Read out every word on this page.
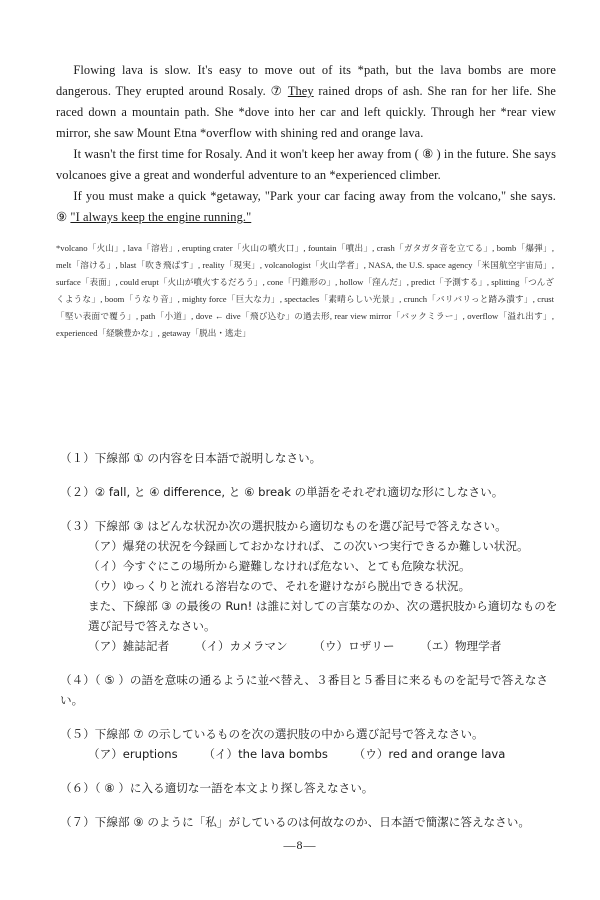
Flowing lava is slow. It's easy to move out of its *path, but the lava bombs are more dangerous. They erupted around Rosaly. ⑦ They rained drops of ash. She ran for her life. She raced down a mountain path. She *dove into her car and left quickly. Through her *rear view mirror, she saw Mount Etna *overflow with shining red and orange lava.

It wasn't the first time for Rosaly. And it won't keep her away from ( ⑧ ) in the future. She says volcanoes give a great and wonderful adventure to an *experienced climber.

If you must make a quick *getaway, "Park your car facing away from the volcano," she says. ⑨ "I always keep the engine running."

*volcano「火山」, lava「溶岩」, erupting crater「火山の噴火口」, fountain「噴出」, crash「ガタガタ音を立てる」, bomb「爆弾」, melt「溶ける」, blast「吹き飛ばす」, reality「現実」, volcanologist「火山学者」, NASA, the U.S. space agency「米国航空宇宙局」, surface「表面」, could erupt「火山が噴火するだろう」, cone「円錐形の」, hollow「窪んだ」, predict「予測する」, splitting「つんざくような」, boom「うなり音」, mighty force「巨大な力」, spectacles「素晴らしい光景」, crunch「バリバリっと踏み潰す」, crust「堅い表面で覆う」, path「小道」, dove ← dive「飛び込む」の過去形, rear view mirror「バックミラー」, overflow「溢れ出す」, experienced「経験豊かな」, getaway「脱出・逃走」

（１）下線部 ① の内容を日本語で説明しなさい。
（２）② fall, と ④ difference, と ⑥ break の単語をそれぞれ適切な形にしなさい。
（３）下線部 ③ はどんな状況か次の選択肢から適切なものを選び記号で答えなさい。
（ア）爆発の状況を今録画しておかなければ、この次いつ実行できるか難しい状況。
（イ）今すぐにこの場所から避難しなければ危ない、とても危険な状況。
（ウ）ゆっくりと流れる溶岩なので、それを避けながら脱出できる状況。
また、下線部 ③ の最後の Run! は誰に対しての言葉なのか、次の選択肢から適切なものを
選び記号で答えなさい。
（ア）雑誌記者 （イ）カメラマン （ウ）ロザリー （エ）物理学者
（４）（ ⑤ ）の語を意味の通るように並べ替え、３番目と５番目に来るものを記号で答えなさい。
（５）下線部 ⑦ の示しているものを次の選択肢の中から選び記号で答えなさい。
（ア）eruptions （イ）the lava bombs （ウ）red and orange lava
（６）（ ⑧ ）に入る適切な一語を本文より探し答えなさい。
（７）下線部 ⑨ のように「私」がしているのは何故なのか、日本語で簡潔に答えなさい。
―8―
